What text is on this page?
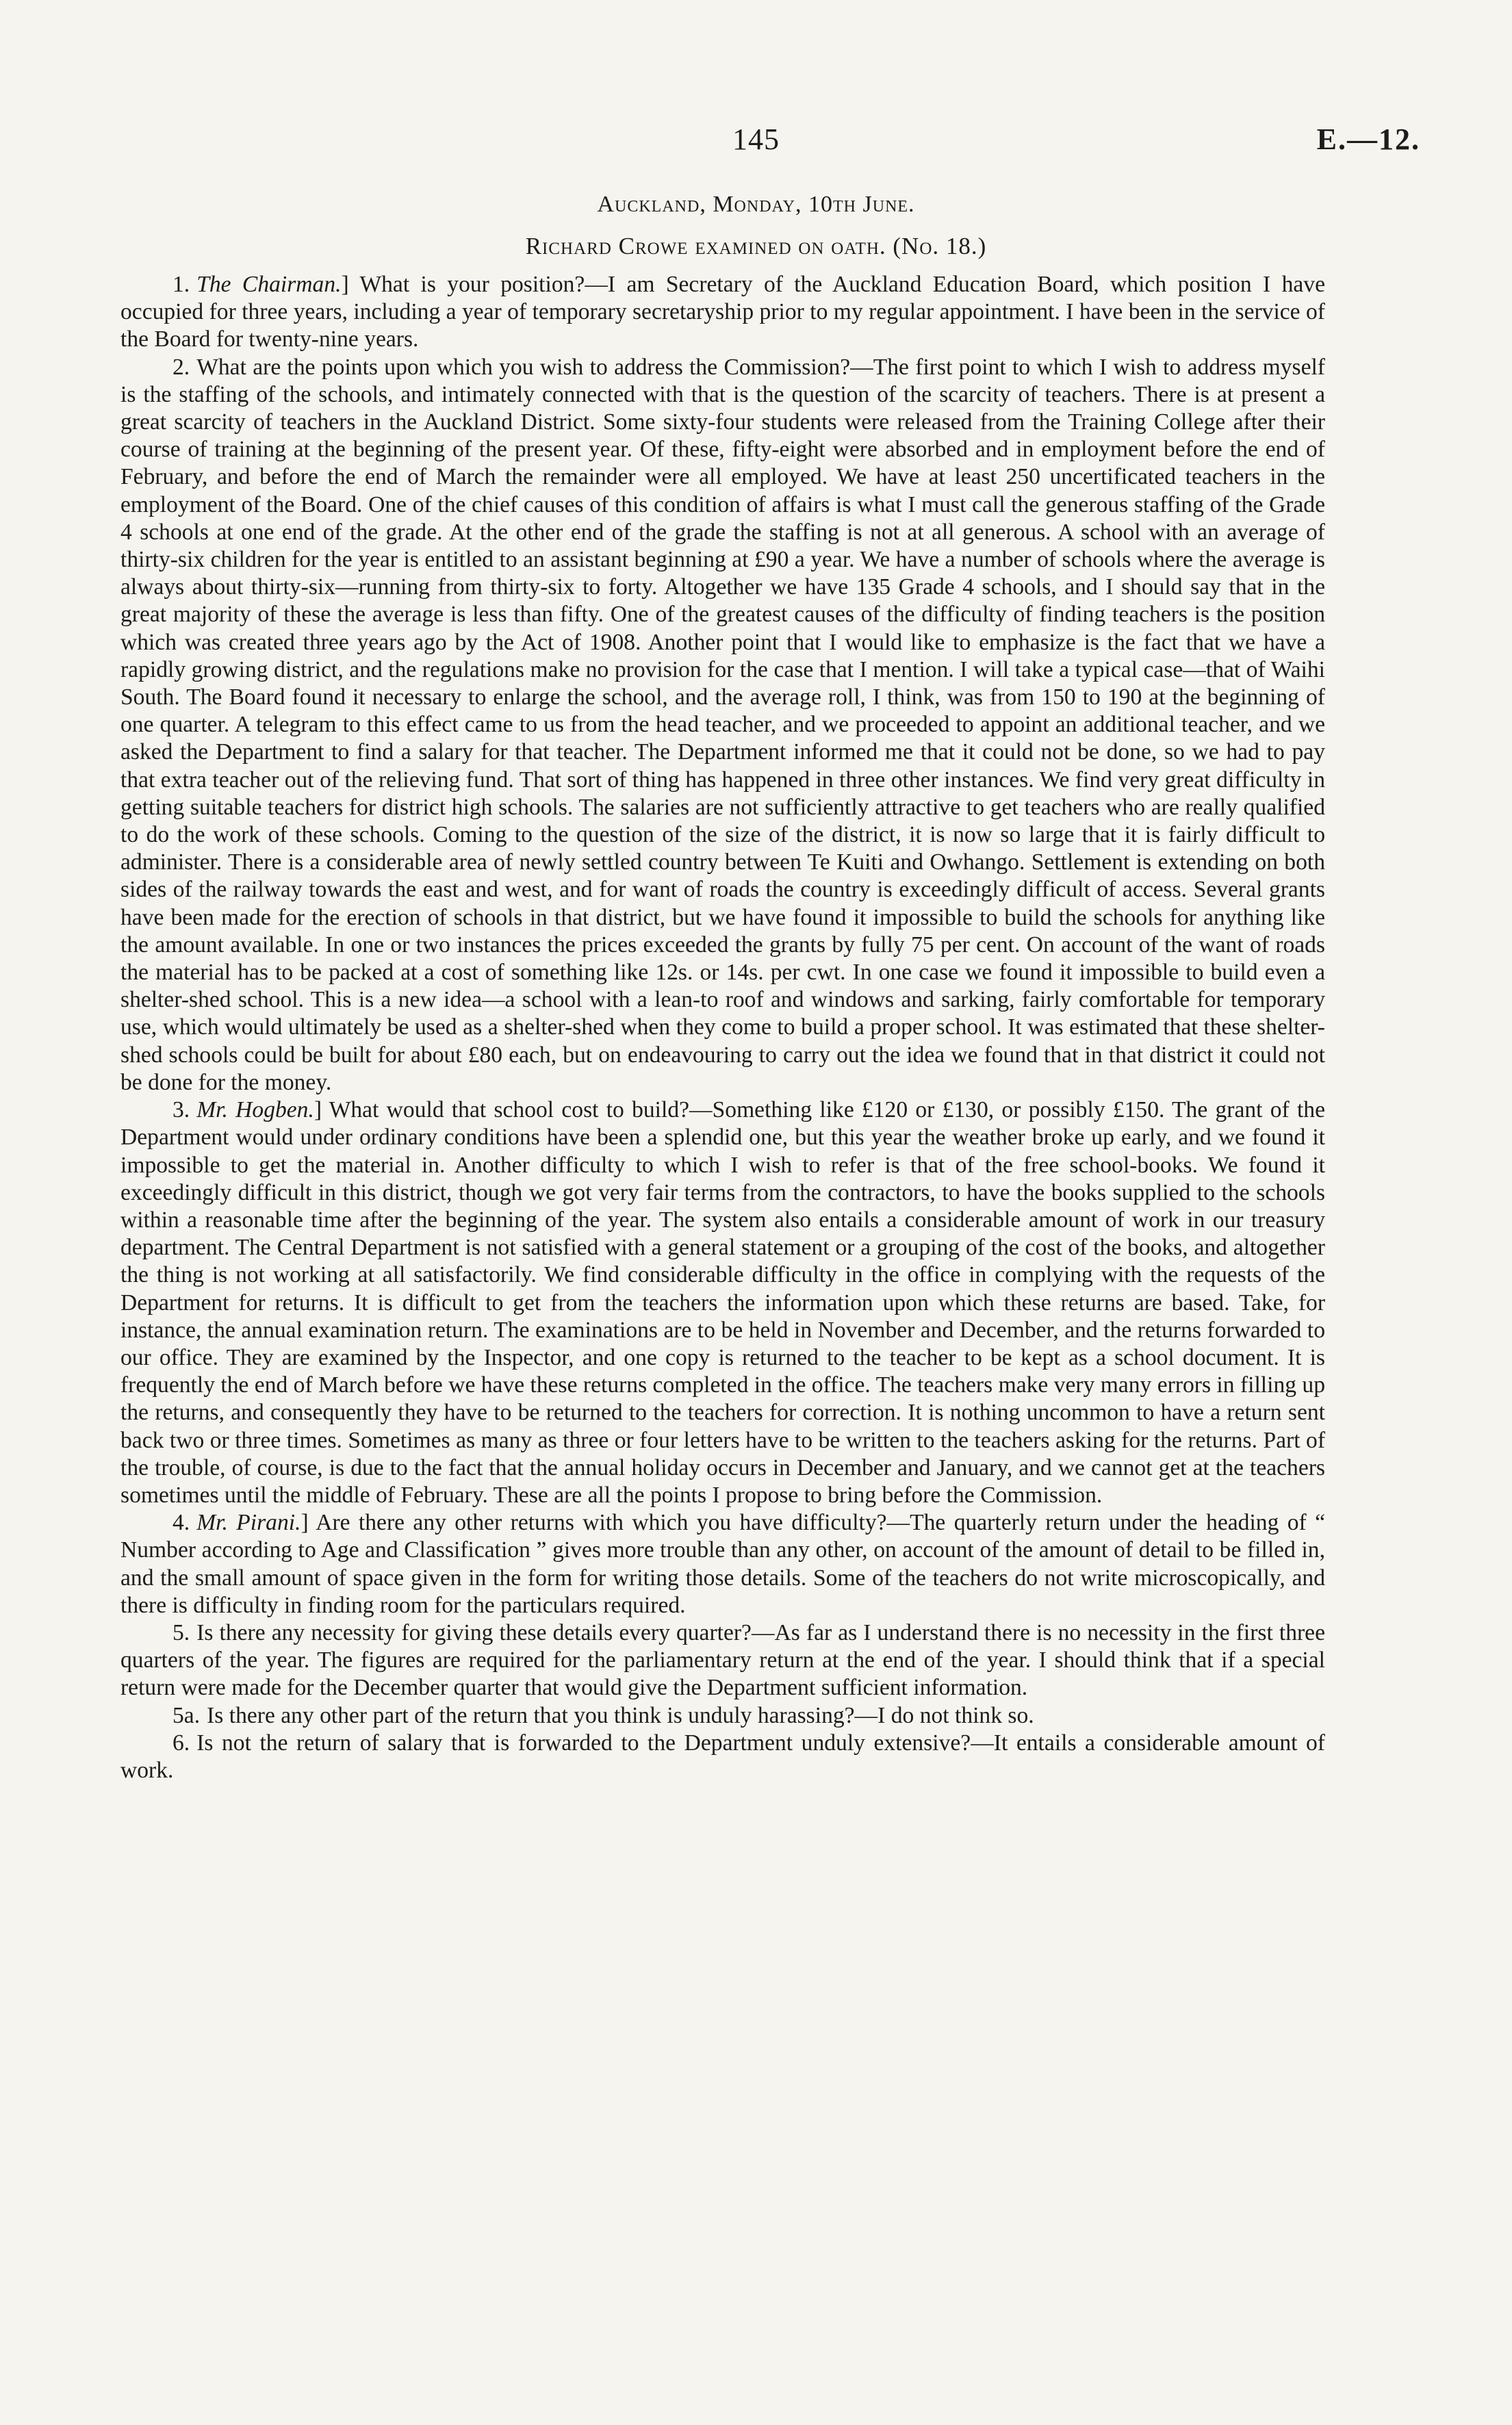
145	E.—12.
Auckland, Monday, 10th June.
Richard Crowe examined on oath. (No. 18.)

1. The Chairman.] What is your position?—I am Secretary of the Auckland Education Board, which position I have occupied for three years, including a year of temporary secretaryship prior to my regular appointment. I have been in the service of the Board for twenty-nine years.

2. What are the points upon which you wish to address the Commission?—The first point to which I wish to address myself is the staffing of the schools, and intimately connected with that is the question of the scarcity of teachers. There is at present a great scarcity of teachers in the Auckland District. Some sixty-four students were released from the Training College after their course of training at the beginning of the present year. Of these, fifty-eight were absorbed and in employment before the end of February, and before the end of March the remainder were all employed. We have at least 250 uncertificated teachers in the employment of the Board. One of the chief causes of this condition of affairs is what I must call the generous staffing of the Grade 4 schools at one end of the grade. At the other end of the grade the staffing is not at all generous. A school with an average of thirty-six children for the year is entitled to an assistant beginning at £90 a year. We have a number of schools where the average is always about thirty-six—running from thirty-six to forty. Altogether we have 135 Grade 4 schools, and I should say that in the great majority of these the average is less than fifty. One of the greatest causes of the difficulty of finding teachers is the position which was created three years ago by the Act of 1908. Another point that I would like to emphasize is the fact that we have a rapidly growing district, and the regulations make no provision for the case that I mention. I will take a typical case—that of Waihi South. The Board found it necessary to enlarge the school, and the average roll, I think, was from 150 to 190 at the beginning of one quarter. A telegram to this effect came to us from the head teacher, and we proceeded to appoint an additional teacher, and we asked the Department to find a salary for that teacher. The Department informed me that it could not be done, so we had to pay that extra teacher out of the relieving fund. That sort of thing has happened in three other instances. We find very great difficulty in getting suitable teachers for district high schools. The salaries are not sufficiently attractive to get teachers who are really qualified to do the work of these schools. Coming to the question of the size of the district, it is now so large that it is fairly difficult to administer. There is a considerable area of newly settled country between Te Kuiti and Owhango. Settlement is extending on both sides of the railway towards the east and west, and for want of roads the country is exceedingly difficult of access. Several grants have been made for the erection of schools in that district, but we have found it impossible to build the schools for anything like the amount available. In one or two instances the prices exceeded the grants by fully 75 per cent. On account of the want of roads the material has to be packed at a cost of something like 12s. or 14s. per cwt. In one case we found it impossible to build even a shelter-shed school. This is a new idea—a school with a lean-to roof and windows and sarking, fairly comfortable for temporary use, which would ultimately be used as a shelter-shed when they come to build a proper school. It was estimated that these shelter-shed schools could be built for about £80 each, but on endeavouring to carry out the idea we found that in that district it could not be done for the money.

3. Mr. Hogben.] What would that school cost to build?—Something like £120 or £130, or possibly £150. The grant of the Department would under ordinary conditions have been a splendid one, but this year the weather broke up early, and we found it impossible to get the material in. Another difficulty to which I wish to refer is that of the free school-books. We found it exceedingly difficult in this district, though we got very fair terms from the contractors, to have the books supplied to the schools within a reasonable time after the beginning of the year. The system also entails a considerable amount of work in our treasury department. The Central Department is not satisfied with a general statement or a grouping of the cost of the books, and altogether the thing is not working at all satisfactorily. We find considerable difficulty in the office in complying with the requests of the Department for returns. It is difficult to get from the teachers the information upon which these returns are based. Take, for instance, the annual examination return. The examinations are to be held in November and December, and the returns forwarded to our office. They are examined by the Inspector, and one copy is returned to the teacher to be kept as a school document. It is frequently the end of March before we have these returns completed in the office. The teachers make very many errors in filling up the returns, and consequently they have to be returned to the teachers for correction. It is nothing uncommon to have a return sent back two or three times. Sometimes as many as three or four letters have to be written to the teachers asking for the returns. Part of the trouble, of course, is due to the fact that the annual holiday occurs in December and January, and we cannot get at the teachers sometimes until the middle of February. These are all the points I propose to bring before the Commission.

4. Mr. Pirani.] Are there any other returns with which you have difficulty?—The quarterly return under the heading of “ Number according to Age and Classification ” gives more trouble than any other, on account of the amount of detail to be filled in, and the small amount of space given in the form for writing those details. Some of the teachers do not write microscopically, and there is difficulty in finding room for the particulars required.

5. Is there any necessity for giving these details every quarter?—As far as I understand there is no necessity in the first three quarters of the year. The figures are required for the parliamentary return at the end of the year. I should think that if a special return were made for the December quarter that would give the Department sufficient information.

5a. Is there any other part of the return that you think is unduly harassing?—I do not think so.

6. Is not the return of salary that is forwarded to the Department unduly extensive?—It entails a considerable amount of work.
